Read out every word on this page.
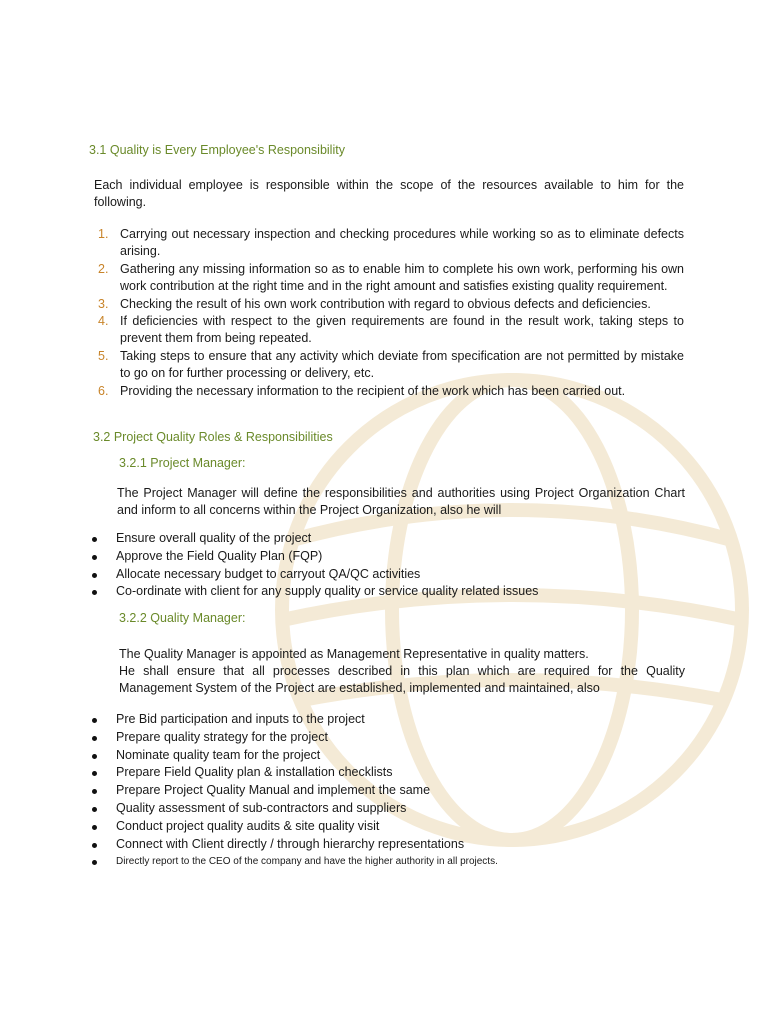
3.1 Quality is Every Employee's Responsibility

Each individual employee is responsible within the scope of the resources available to him for the following.

1. Carrying out necessary inspection and checking procedures while working so as to eliminate defects arising.
2. Gathering any missing information so as to enable him to complete his own work, performing his own work contribution at the right time and in the right amount and satisfies existing quality requirement.
3. Checking the result of his own work contribution with regard to obvious defects and deficiencies.
4. If deficiencies with respect to the given requirements are found in the result work, taking steps to prevent them from being repeated.
5. Taking steps to ensure that any activity which deviate from specification are not permitted by mistake to go on for further processing or delivery, etc.
6. Providing the necessary information to the recipient of the work which has been carried out.
3.2 Project Quality Roles & Responsibilities
3.2.1 Project Manager:

The Project Manager will define the responsibilities and authorities using Project Organization Chart and inform to all concerns within the Project Organization, also he will

Ensure overall quality of the project
Approve the Field Quality Plan (FQP)
Allocate necessary budget to carryout QA/QC activities
Co-ordinate with client for any supply quality or service quality related issues
3.2.2 Quality Manager:

The Quality Manager is appointed as Management Representative in quality matters.

He shall ensure that all processes described in this plan which are required for the Quality Management System of the Project are established, implemented and maintained, also

Pre Bid participation and inputs to the project
Prepare quality strategy for the project
Nominate quality team for the project
Prepare Field Quality plan & installation checklists
Prepare Project Quality Manual and implement the same
Quality assessment of sub-contractors and suppliers
Conduct project quality audits & site quality visit
Connect with Client directly / through hierarchy representations
Directly report to the CEO of the company and have the higher authority in all projects.
